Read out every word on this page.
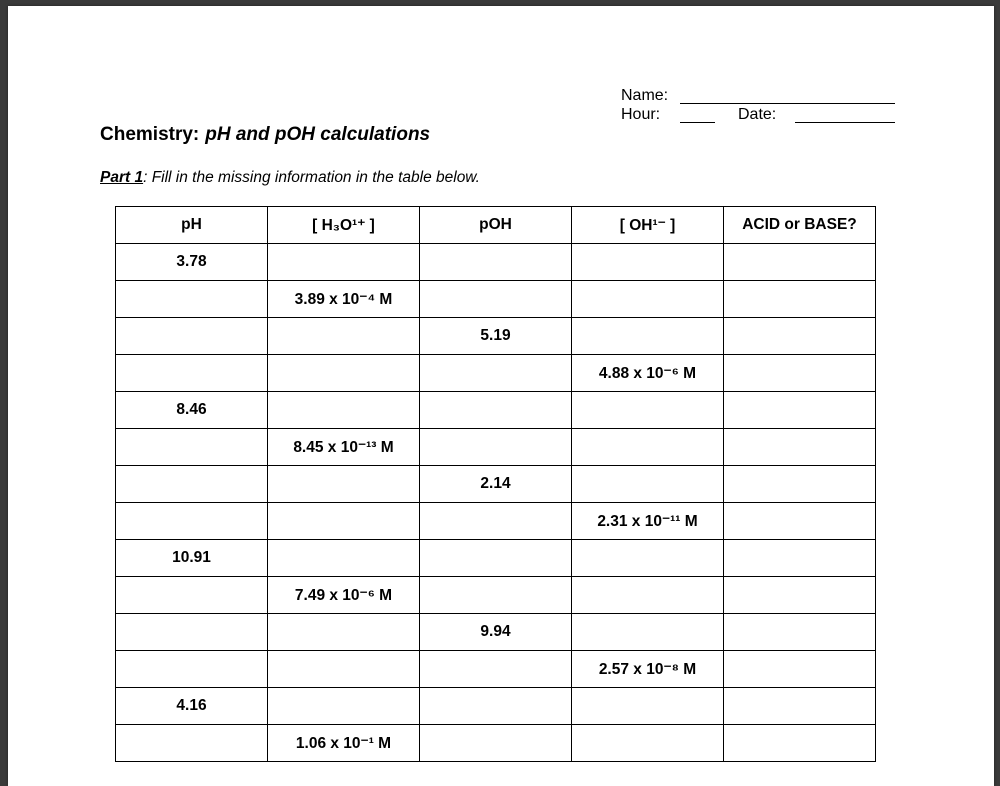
Name:
Hour:	Date:
Chemistry: pH and pOH calculations
Part 1: Fill in the missing information in the table below.
pH	[ H₃O¹⁺ ]	pOH	[ OH¹⁻ ]	ACID or BASE?
3.78				
	3.89 x 10⁻⁴ M			
		5.19		
			4.88 x 10⁻⁶ M	
8.46				
	8.45 x 10⁻¹³ M			
		2.14		
			2.31 x 10⁻¹¹ M	
10.91				
	7.49 x 10⁻⁶ M			
		9.94		
			2.57 x 10⁻⁸ M	
4.16				
	1.06 x 10⁻¹ M			
